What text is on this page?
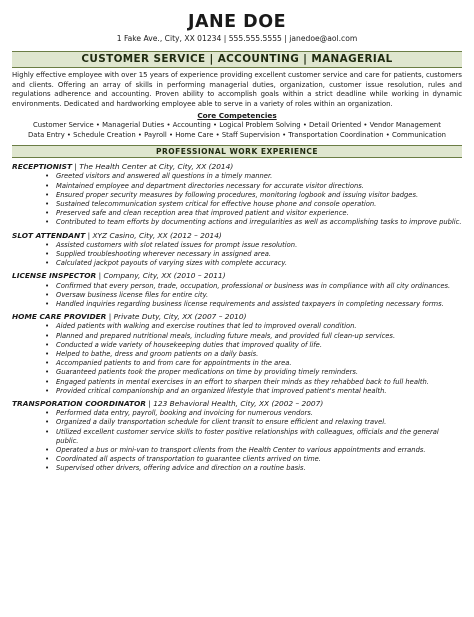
JANE DOE

1 Fake Ave., City, XX 01234 | 555.555.5555 | janedoe@aol.com

CUSTOMER SERVICE | ACCOUNTING | MANAGERIAL

Highly effective employee with over 15 years of experience providing excellent customer service and care for patients, customers and clients. Offering an array of skills in performing managerial duties, organization, customer issue resolution, rules and regulations adherence and accounting. Proven ability to accomplish goals within a strict deadline while working in dynamic environments. Dedicated and hardworking employee able to serve in a variety of roles within an organization.

Core Competencies

Customer Service • Managerial Duties • Accounting • Logical Problem Solving • Detail Oriented • Vendor Management

Data Entry • Schedule Creation • Payroll • Home Care • Staff Supervision • Transportation Coordination • Communication

PROFESSIONAL WORK EXPERIENCE

RECEPTIONIST | The Health Center at City, City, XX (2014)

• Greeted visitors and answered all questions in a timely manner.
• Maintained employee and department directories necessary for accurate visitor directions.
• Ensured proper security measures by following procedures, monitoring logbook and issuing visitor badges.
• Sustained telecommunication system critical for effective house phone and console operation.
• Preserved safe and clean reception area that improved patient and visitor experience.
• Contributed to team efforts by documenting actions and irregularities as well as accomplishing tasks to improve public.

SLOT ATTENDANT | XYZ Casino, City, XX (2012 – 2014)

• Assisted customers with slot related issues for prompt issue resolution.
• Supplied troubleshooting wherever necessary in assigned area.
• Calculated jackpot payouts of varying sizes with complete accuracy.

LICENSE INSPECTOR | Company, City, XX (2010 – 2011)

• Confirmed that every person, trade, occupation, professional or business was in compliance with all city ordinances.
• Oversaw business license files for entire city.
• Handled inquiries regarding business license requirements and assisted taxpayers in completing necessary forms.

HOME CARE PROVIDER | Private Duty, City, XX (2007 – 2010)

• Aided patients with walking and exercise routines that led to improved overall condition.
• Planned and prepared nutritional meals, including future meals, and provided full clean-up services.
• Conducted a wide variety of housekeeping duties that improved quality of life.
• Helped to bathe, dress and groom patients on a daily basis.
• Accompanied patients to and from care for appointments in the area.
• Guaranteed patients took the proper medications on time by providing timely reminders.
• Engaged patients in mental exercises in an effort to sharpen their minds as they rehabbed back to full health.
• Provided critical companionship and an organized lifestyle that improved patient's mental health.

TRANSPORATION COORDINATOR | 123 Behavioral Health, City, XX (2002 – 2007)

• Performed data entry, payroll, booking and invoicing for numerous vendors.
• Organized a daily transportation schedule for client transit to ensure efficient and relaxing travel.
• Utilized excellent customer service skills to foster positive relationships with colleagues, officials and the general public.
• Operated a bus or mini-van to transport clients from the Health Center to various appointments and errands.
• Coordinated all aspects of transportation to guarantee clients arrived on time.
• Supervised other drivers, offering advice and direction on a routine basis.
